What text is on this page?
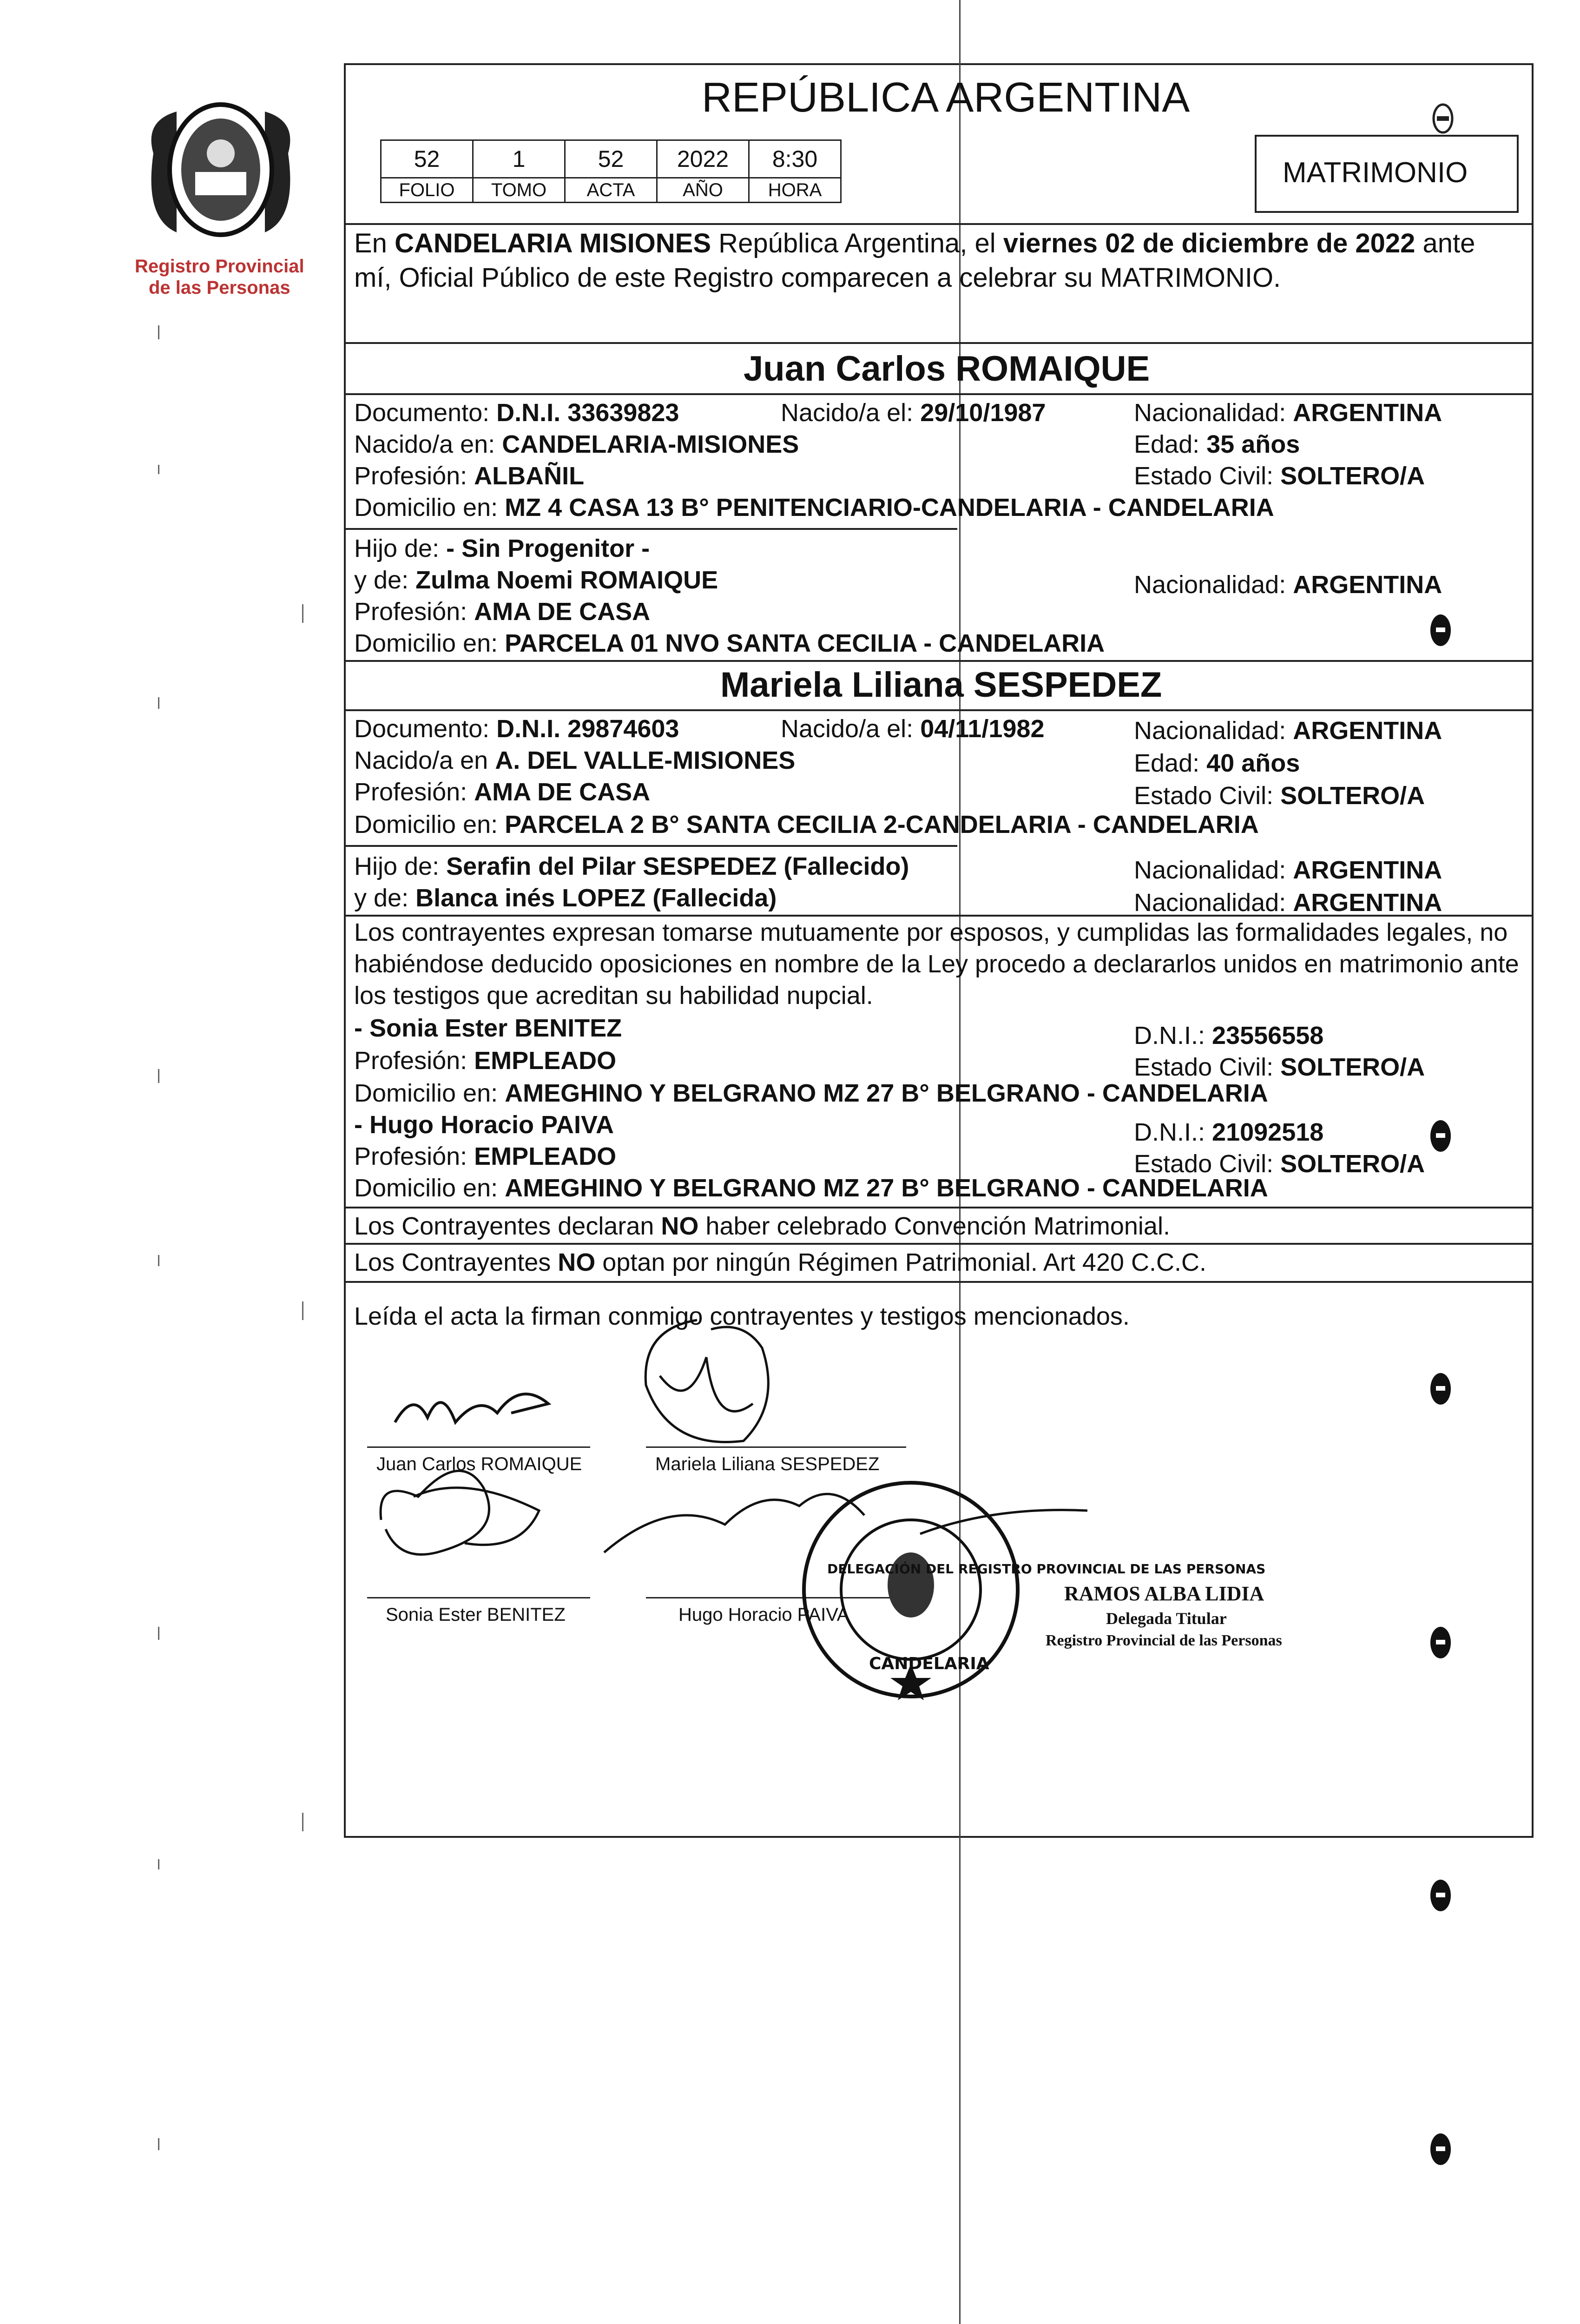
Registro Provincial
de las Personas
REPÚBLICA ARGENTINA
MATRIMONIO
52	1	52	2022	8:30
FOLIO	TOMO	ACTA	AÑO	HORA
En CANDELARIA MISIONES República Argentina, el viernes 02 de diciembre de 2022 ante
mí, Oficial Público de este Registro comparecen a celebrar su MATRIMONIO.
Juan Carlos ROMAIQUE
Documento: D.N.I. 33639823	Nacido/a el: 29/10/1987	Nacionalidad: ARGENTINA
Nacido/a en: CANDELARIA-MISIONES	Edad: 35 años
Profesión: ALBAÑIL	Estado Civil: SOLTERO/A
Domicilio en: MZ 4 CASA 13 B° PENITENCIARIO-CANDELARIA - CANDELARIA
Hijo de: - Sin Progenitor -
y de: Zulma Noemi ROMAIQUE	Nacionalidad: ARGENTINA
Profesión: AMA DE CASA
Domicilio en: PARCELA 01 NVO SANTA CECILIA - CANDELARIA
Mariela Liliana SESPEDEZ
Documento: D.N.I. 29874603	Nacido/a el: 04/11/1982	Nacionalidad: ARGENTINA
Nacido/a en A. DEL VALLE-MISIONES	Edad: 40 años
Profesión: AMA DE CASA	Estado Civil: SOLTERO/A
Domicilio en: PARCELA 2 B° SANTA CECILIA 2-CANDELARIA - CANDELARIA
Hijo de: Serafin del Pilar SESPEDEZ (Fallecido)	Nacionalidad: ARGENTINA
y de: Blanca inés LOPEZ (Fallecida)	Nacionalidad: ARGENTINA
Los contrayentes expresan tomarse mutuamente por esposos, y cumplidas las formalidades legales, no
habiéndose deducido oposiciones en nombre de la Ley procedo a declararlos unidos en matrimonio ante
los testigos que acreditan su habilidad nupcial.
- Sonia Ester BENITEZ	D.N.I.: 23556558
Profesión: EMPLEADO	Estado Civil: SOLTERO/A
Domicilio en: AMEGHINO Y BELGRANO MZ 27 B° BELGRANO - CANDELARIA
- Hugo Horacio PAIVA	D.N.I.: 21092518
Profesión: EMPLEADO	Estado Civil: SOLTERO/A
Domicilio en: AMEGHINO Y BELGRANO MZ 27 B° BELGRANO - CANDELARIA
Los Contrayentes declaran NO haber celebrado Convención Matrimonial.
Los Contrayentes NO optan por ningún Régimen Patrimonial. Art 420 C.C.C.
Leída el acta la firman conmigo contrayentes y testigos mencionados.
Juan Carlos ROMAIQUE	Mariela Liliana SESPEDEZ
Sonia Ester BENITEZ	Hugo Horacio PAIVA
DELEGACIÓN DEL REGISTRO PROVINCIAL DE LAS PERSONAS
CANDELARIA
RAMOS ALBA LIDIA
Delegada Titular
Registro Provincial de las Personas
